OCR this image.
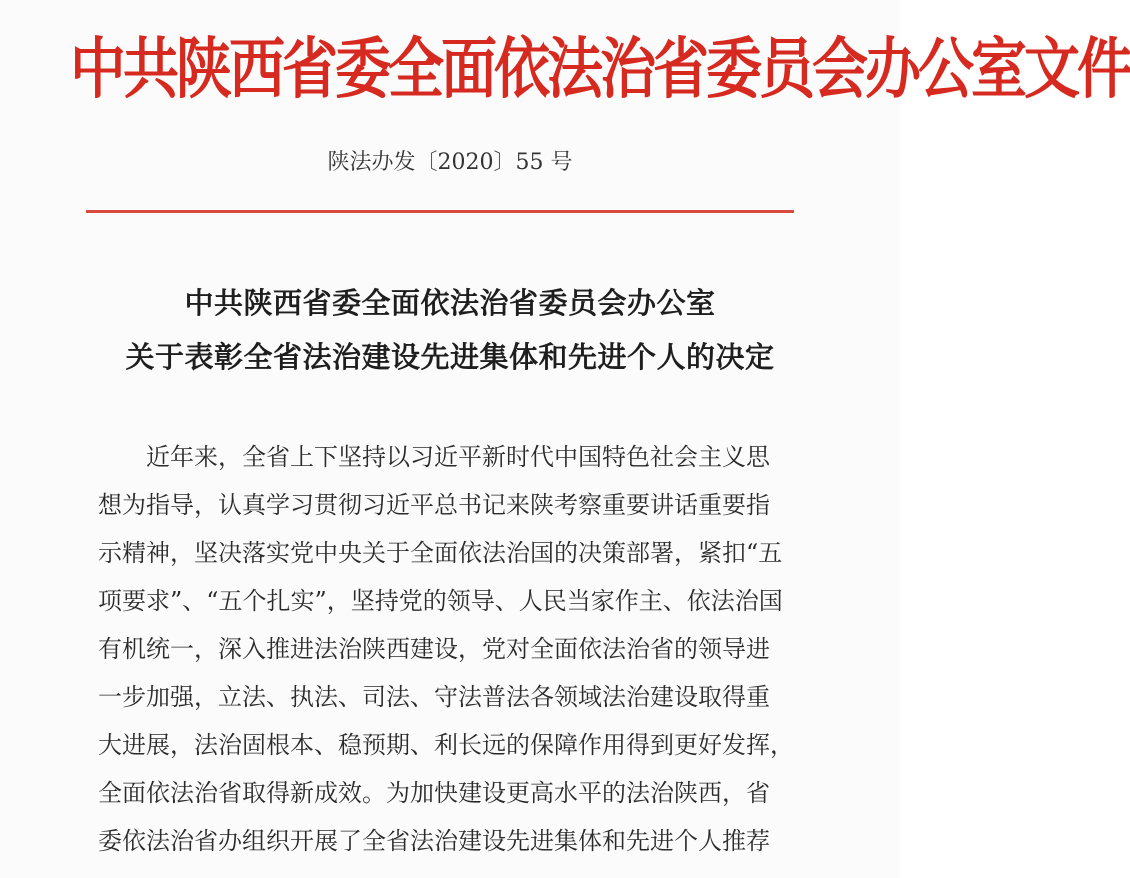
中共陕西省委全面依法治省委员会办公室文件
陕法办发〔2020〕55 号
中共陕西省委全面依法治省委员会办公室
关于表彰全省法治建设先进集体和先进个人的决定
近年来，全省上下坚持以习近平新时代中国特色社会主义思
想为指导，认真学习贯彻习近平总书记来陕考察重要讲话重要指
示精神，坚决落实党中央关于全面依法治国的决策部署，紧扣“五
项要求”、“五个扎实”，坚持党的领导、人民当家作主、依法治国
有机统一，深入推进法治陕西建设，党对全面依法治省的领导进
一步加强，立法、执法、司法、守法普法各领域法治建设取得重
大进展，法治固根本、稳预期、利长远的保障作用得到更好发挥，
全面依法治省取得新成效。为加快建设更高水平的法治陕西，省
委依法治省办组织开展了全省法治建设先进集体和先进个人推荐
